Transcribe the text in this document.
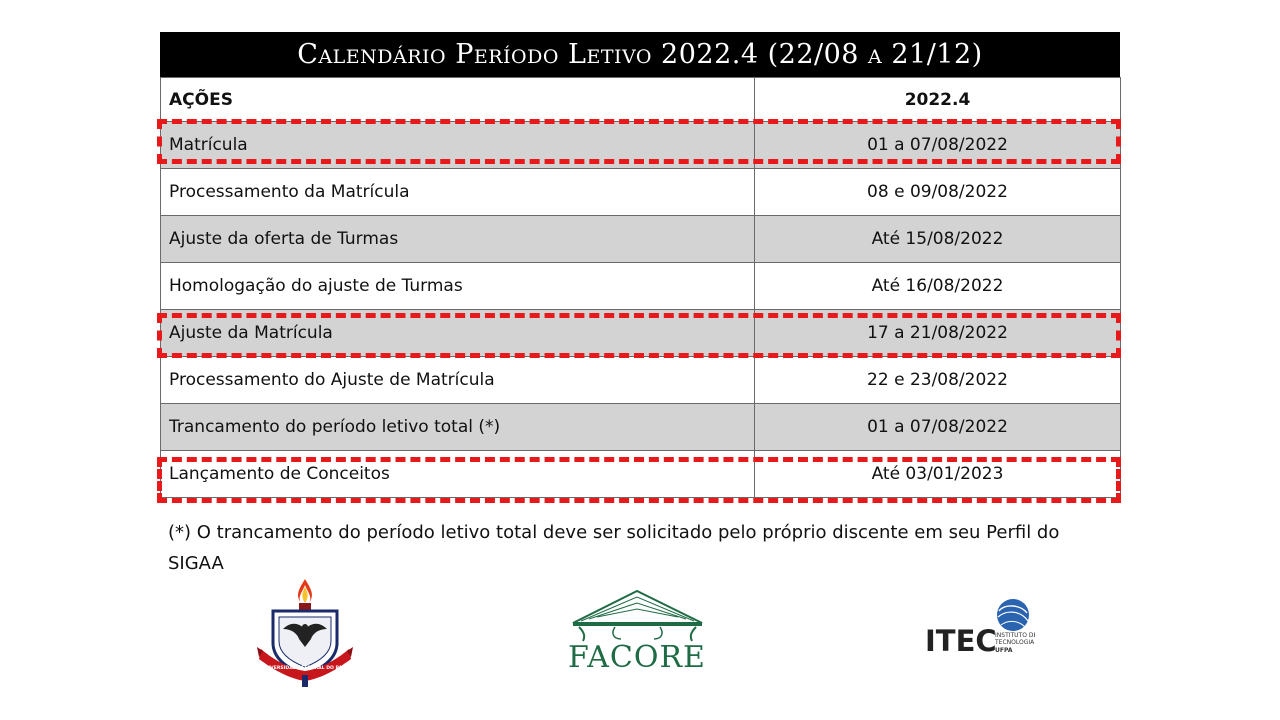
Calendário Período Letivo 2022.4 (22/08 a 21/12)
AÇÕES	2022.4
Matrícula	01 a 07/08/2022
Processamento da Matrícula	08 e 09/08/2022
Ajuste da oferta de Turmas	Até 15/08/2022
Homologação do ajuste de Turmas	Até 16/08/2022
Ajuste da Matrícula	17 a 21/08/2022
Processamento do Ajuste de Matrícula	22 e 23/08/2022
Trancamento do período letivo total (*)	01 a 07/08/2022
Lançamento de Conceitos	Até 03/01/2023
(*) O trancamento do período letivo total deve ser solicitado pelo próprio discente em seu Perfil do SIGAA
UNIVERSIDADE FEDERAL DO PARÁ	FACORE	ITEC
INSTITUTO DE
TECNOLOGIA
UFPA
